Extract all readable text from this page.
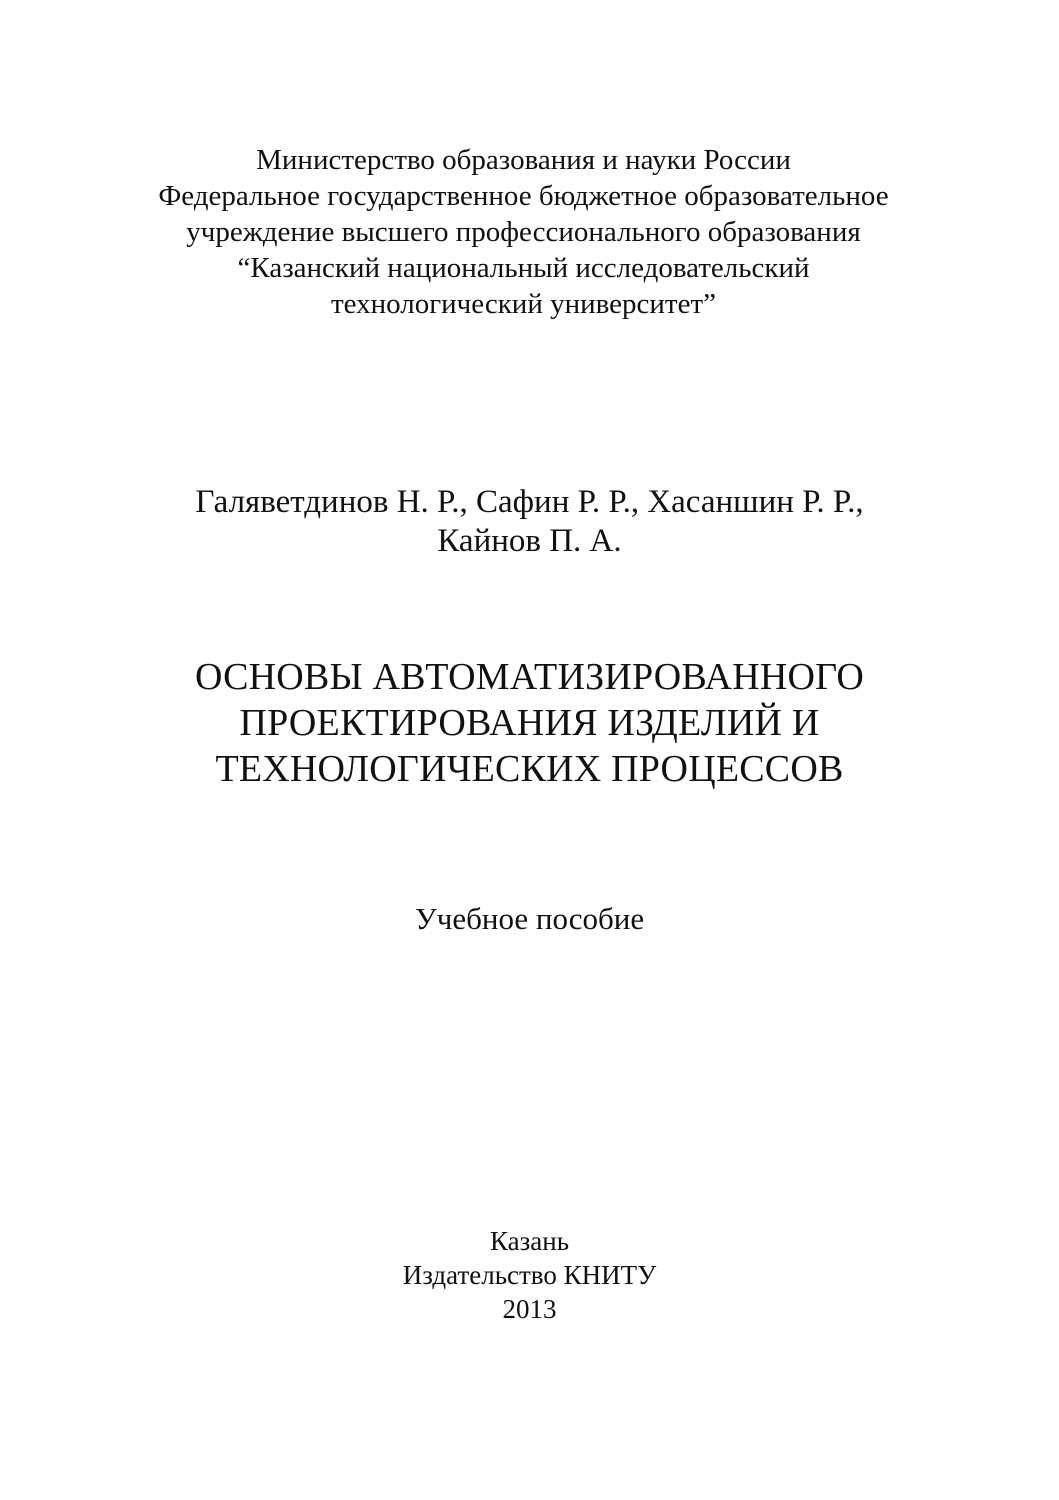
Министерство образования и науки России
Федеральное государственное бюджетное образовательное
учреждение высшего профессионального образования
“Казанский национальный исследовательский
технологический университет”
Галяветдинов Н. Р., Сафин Р. Р., Хасаншин Р. Р.,
Кайнов П. А.
ОСНОВЫ АВТОМАТИЗИРОВАННОГО
ПРОЕКТИРОВАНИЯ ИЗДЕЛИЙ И
ТЕХНОЛОГИЧЕСКИХ ПРОЦЕССОВ
Учебное пособие
Казань
Издательство КНИТУ
2013
